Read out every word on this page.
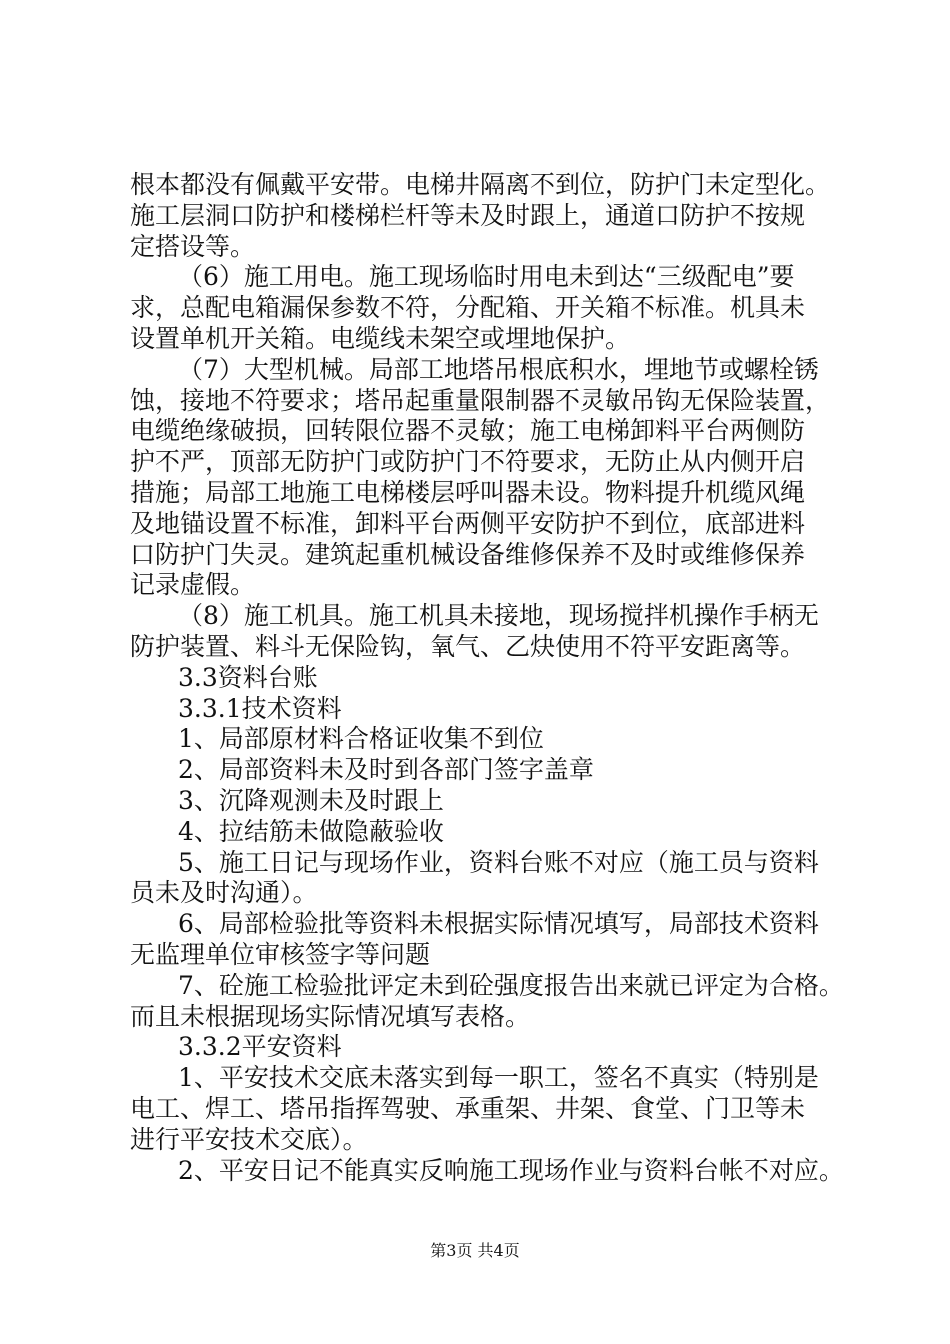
根本都没有佩戴平安带。电梯井隔离不到位，防护门未定型化。
施工层洞口防护和楼梯栏杆等未及时跟上，通道口防护不按规
定搭设等。
（6）施工用电。施工现场临时用电未到达“三级配电”要
求，总配电箱漏保参数不符，分配箱、开关箱不标准。机具未
设置单机开关箱。电缆线未架空或埋地保护。
（7）大型机械。局部工地塔吊根底积水，埋地节或螺栓锈
蚀，接地不符要求；塔吊起重量限制器不灵敏吊钩无保险装置，
电缆绝缘破损，回转限位器不灵敏；施工电梯卸料平台两侧防
护不严，顶部无防护门或防护门不符要求，无防止从内侧开启
措施；局部工地施工电梯楼层呼叫器未设。物料提升机缆风绳
及地锚设置不标准，卸料平台两侧平安防护不到位，底部进料
口防护门失灵。建筑起重机械设备维修保养不及时或维修保养
记录虚假。
（8）施工机具。施工机具未接地，现场搅拌机操作手柄无
防护装置、料斗无保险钩，氧气、乙炔使用不符平安距离等。
3.3资料台账
3.3.1技术资料
1、局部原材料合格证收集不到位
2、局部资料未及时到各部门签字盖章
3、沉降观测未及时跟上
4、拉结筋未做隐蔽验收
5、施工日记与现场作业，资料台账不对应（施工员与资料
员未及时沟通）。
6、局部检验批等资料未根据实际情况填写，局部技术资料
无监理单位审核签字等问题
7、砼施工检验批评定未到砼强度报告出来就已评定为合格。
而且未根据现场实际情况填写表格。
3.3.2平安资料
1、平安技术交底未落实到每一职工，签名不真实（特别是
电工、焊工、塔吊指挥驾驶、承重架、井架、食堂、门卫等未
进行平安技术交底）。
2、平安日记不能真实反响施工现场作业与资料台帐不对应。
第3页 共4页
